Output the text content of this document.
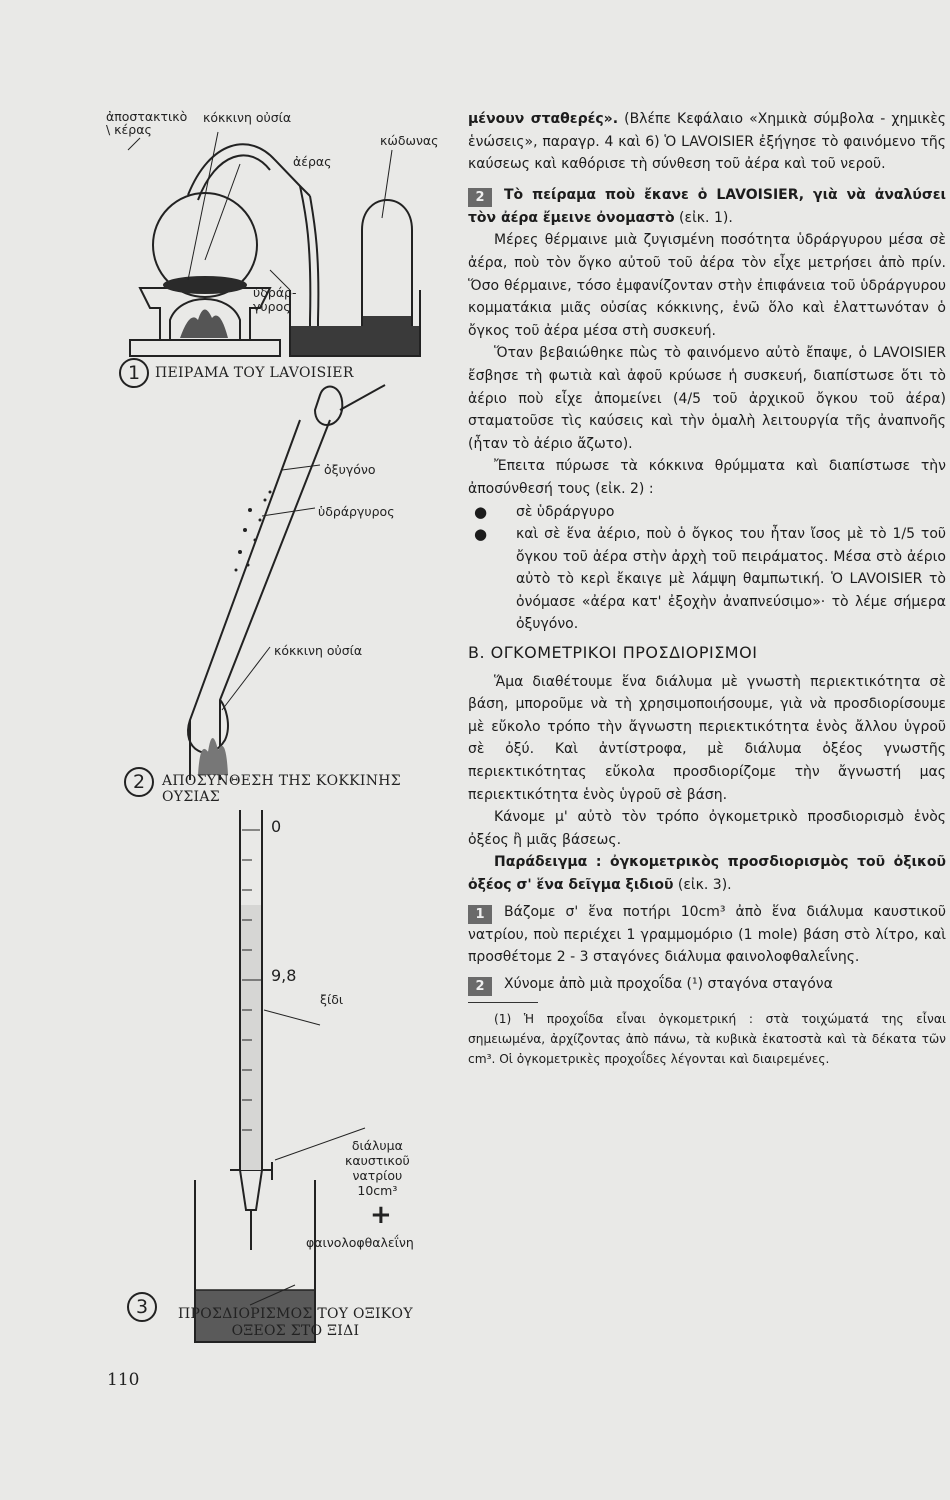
ἀποστακτικὸ
\ κέρας
κόκκινη οὐσία
κώδωνας
ἀέρας
ὑδράρ-
γυρος
1	ΠΕΙΡΑΜΑ ΤΟΥ LAVOISIER
ὀξυγόνο
ὑδράργυρος
κόκκινη οὐσία
2	ΑΠΟΣΥΝΘΕΣΗ ΤΗΣ ΚΟΚΚΙΝΗΣ ΟΥΣΙΑΣ
0
9,8
ξίδι
διάλυμα
καυστικοῦ
νατρίου
10cm³
+
φαινολοφθαλεΐνη
3	ΠΡΟΣΔΙΟΡΙΣΜΟΣ ΤΟΥ ΟΞΙΚΟΥ
ΟΞΕΟΣ ΣΤΟ ΞΙΔΙ
110

μένουν σταθερές». (Βλέπε Κεφάλαιο «Χημικὰ σύμβολα - χημικὲς ἑνώσεις», παραγρ. 4 καὶ 6) Ὁ LAVOISIER ἐξήγησε τὸ φαινόμενο τῆς καύσεως καὶ καθόρισε τὴ σύνθεση τοῦ ἀέρα καὶ τοῦ νεροῦ.

2 Τὸ πείραμα ποὺ ἔκανε ὁ LAVOISIER, γιὰ νὰ ἀναλύσει τὸν ἀέρα ἔμεινε ὀνομαστὸ (εἰκ. 1).

Μέρες θέρμαινε μιὰ ζυγισμένη ποσότητα ὑδράργυρου μέσα σὲ ἀέρα, ποὺ τὸν ὄγκο αὐτοῦ τοῦ ἀέρα τὸν εἶχε μετρήσει ἀπὸ πρίν. Ὅσο θέρμαινε, τόσο ἐμφανίζονταν στὴν ἐπιφάνεια τοῦ ὑδράργυρου κομματάκια μιᾶς οὐσίας κόκκινης, ἐνῶ ὅλο καὶ ἐλαττωνόταν ὁ ὄγκος τοῦ ἀέρα μέσα στὴ συσκευή.

Ὅταν βεβαιώθηκε πὼς τὸ φαινόμενο αὐτὸ ἔπαψε, ὁ LAVOISIER ἔσβησε τὴ φωτιὰ καὶ ἀφοῦ κρύωσε ἡ συσκευή, διαπίστωσε ὅτι τὸ ἀέριο ποὺ εἶχε ἀπομείνει (4/5 τοῦ ἀρχικοῦ ὄγκου τοῦ ἀέρα) σταματοῦσε τὶς καύσεις καὶ τὴν ὁμαλὴ λειτουργία τῆς ἀναπνοῆς (ἦταν τὸ ἀέριο ἄζωτο).

Ἔπειτα πύρωσε τὰ κόκκινα θρύμματα καὶ διαπίστωσε τὴν ἀποσύνθεσή τους (εἰκ. 2) :

● σὲ ὑδράργυρο

● καὶ σὲ ἕνα ἀέριο, ποὺ ὁ ὄγκος του ἦταν ἴσος μὲ τὸ 1/5 τοῦ ὄγκου τοῦ ἀέρα στὴν ἀρχὴ τοῦ πειράματος. Μέσα στὸ ἀέριο αὐτὸ τὸ κερὶ ἔκαιγε μὲ λάμψη θαμπωτική. Ὁ LAVOISIER τὸ ὀνόμασε «ἀέρα κατ' ἐξοχὴν ἀναπνεύσιμο»· τὸ λέμε σήμερα ὀξυγόνο.

Β. ΟΓΚΟΜΕΤΡΙΚΟΙ ΠΡΟΣΔΙΟΡΙΣΜΟΙ

Ἅμα διαθέτουμε ἕνα διάλυμα μὲ γνωστὴ περιεκτικότητα σὲ βάση, μποροῦμε νὰ τὴ χρησιμοποιήσουμε, γιὰ νὰ προσδιορίσουμε μὲ εὔκολο τρόπο τὴν ἄγνωστη περιεκτικότητα ἑνὸς ἄλλου ὑγροῦ σὲ ὀξύ. Καὶ ἀντίστροφα, μὲ διάλυμα ὀξέος γνωστῆς περιεκτικότητας εὔκολα προσδιορίζομε τὴν ἄγνωστή μας περιεκτικότητα ἑνὸς ὑγροῦ σὲ βάση.

Κάνομε μ' αὐτὸ τὸν τρόπο ὀγκομετρικὸ προσδιορισμὸ ἑνὸς ὀξέος ἢ μιᾶς βάσεως.

Παράδειγμα : ὀγκομετρικὸς προσδιορισμὸς τοῦ ὀξικοῦ ὀξέος σ' ἕνα δεῖγμα ξιδιοῦ (εἰκ. 3).

1 Βάζομε σ' ἕνα ποτήρι 10cm³ ἀπὸ ἕνα διάλυμα καυστικοῦ νατρίου, ποὺ περιέχει 1 γραμμομόριο (1 mole) βάση στὸ λίτρο, καὶ προσθέτομε 2 - 3 σταγόνες διάλυμα φαινολοφθαλεΐνης.

2 Χύνομε ἀπὸ μιὰ προχοΐδα (¹) σταγόνα σταγόνα

(1) Ἡ προχοΐδα εἶναι ὀγκομετρική : στὰ τοιχώματά της εἶναι σημειωμένα, ἀρχίζοντας ἀπὸ πάνω, τὰ κυβικὰ ἑκατοστὰ καὶ τὰ δέκατα τῶν cm³. Οἱ ὀγκομετρικὲς προχοΐδες λέγονται καὶ διαιρεμένες.
